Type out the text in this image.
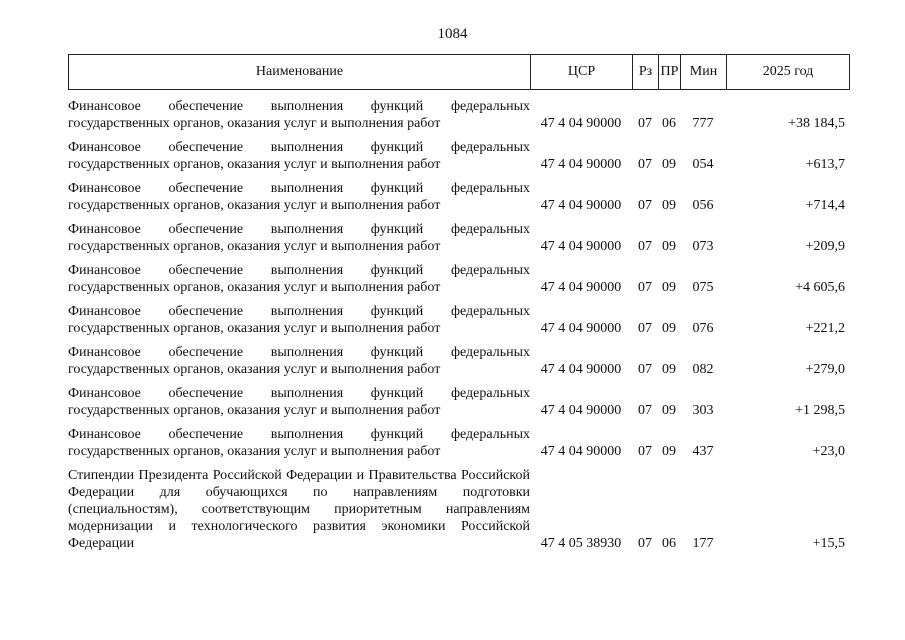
1084
Наименование	ЦСР	Рз	ПР	Мин	2025 год
Финансовое обеспечение выполнения функций федеральных
государственных органов, оказания услуг и выполнения работ	47 4 04 90000	07 06	777	+38 184,5
Финансовое обеспечение выполнения функций федеральных
государственных органов, оказания услуг и выполнения работ	47 4 04 90000	07 09	054	+613,7
Финансовое обеспечение выполнения функций федеральных
государственных органов, оказания услуг и выполнения работ	47 4 04 90000	07 09	056	+714,4
Финансовое обеспечение выполнения функций федеральных
государственных органов, оказания услуг и выполнения работ	47 4 04 90000	07 09	073	+209,9
Финансовое обеспечение выполнения функций федеральных
государственных органов, оказания услуг и выполнения работ	47 4 04 90000	07 09	075	+4 605,6
Финансовое обеспечение выполнения функций федеральных
государственных органов, оказания услуг и выполнения работ	47 4 04 90000	07 09	076	+221,2
Финансовое обеспечение выполнения функций федеральных
государственных органов, оказания услуг и выполнения работ	47 4 04 90000	07 09	082	+279,0
Финансовое обеспечение выполнения функций федеральных
государственных органов, оказания услуг и выполнения работ	47 4 04 90000	07 09	303	+1 298,5
Финансовое обеспечение выполнения функций федеральных
государственных органов, оказания услуг и выполнения работ	47 4 04 90000	07 09	437	+23,0
Стипендии Президента Российской Федерации и Правительства Российской Федерации для обучающихся по направлениям подготовки (специальностям), соответствующим приоритетным направлениям модернизации и технологического развития экономики Российской Федерации	47 4 05 38930	07 06	177	+15,5
